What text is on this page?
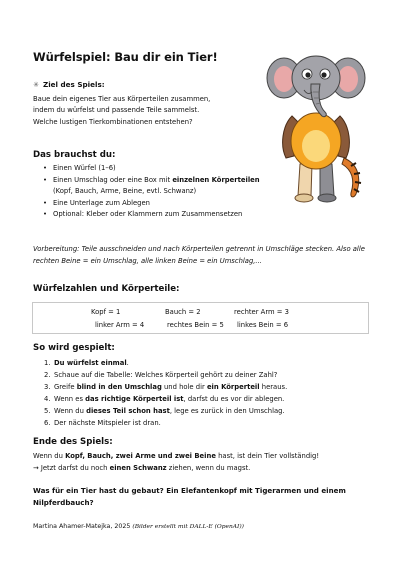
Würfelspiel: Bau dir ein Tier!
✳ Ziel des Spiels:
Baue dein eigenes Tier aus Körperteilen zusammen,
indem du würfelst und passende Teile sammelst.
Welche lustigen Tierkombinationen entstehen?
Das brauchst du:
• Einen Würfel (1–6)
• Einen Umschlag oder eine Box mit einzelnen Körperteilen (Kopf, Bauch, Arme, Beine, evtl. Schwanz)
• Eine Unterlage zum Ablegen
• Optional: Kleber oder Klammern zum Zusammensetzen
Vorbereitung: Teile ausschneiden und nach Körperteilen getrennt in Umschläge stecken. Also alle rechten Beine = ein Umschlag, alle linken Beine = ein Umschlag,...
Würfelzahlen und Körperteile:
Kopf = 1	Bauch = 2	rechter Arm = 3
linker Arm = 4	rechtes Bein = 5 linkes Bein = 6
So wird gespielt:
1. Du würfelst einmal.
2. Schaue auf die Tabelle: Welches Körperteil gehört zu deiner Zahl?
3. Greife blind in den Umschlag und hole dir ein Körperteil heraus.
4. Wenn es das richtige Körperteil ist, darfst du es vor dir ablegen.
5. Wenn du dieses Teil schon hast, lege es zurück in den Umschlag.
6. Der nächste Mitspieler ist dran.
Ende des Spiels:
Wenn du Kopf, Bauch, zwei Arme und zwei Beine hast, ist dein Tier vollständig!
→ Jetzt darfst du noch einen Schwanz ziehen, wenn du magst.
Was für ein Tier hast du gebaut? Ein Elefantenkopf mit Tigerarmen und einem Nilpferdbauch?
Martina Ahamer-Matejka, 2025 (Bilder erstellt mit DALL-E (OpenAI))
